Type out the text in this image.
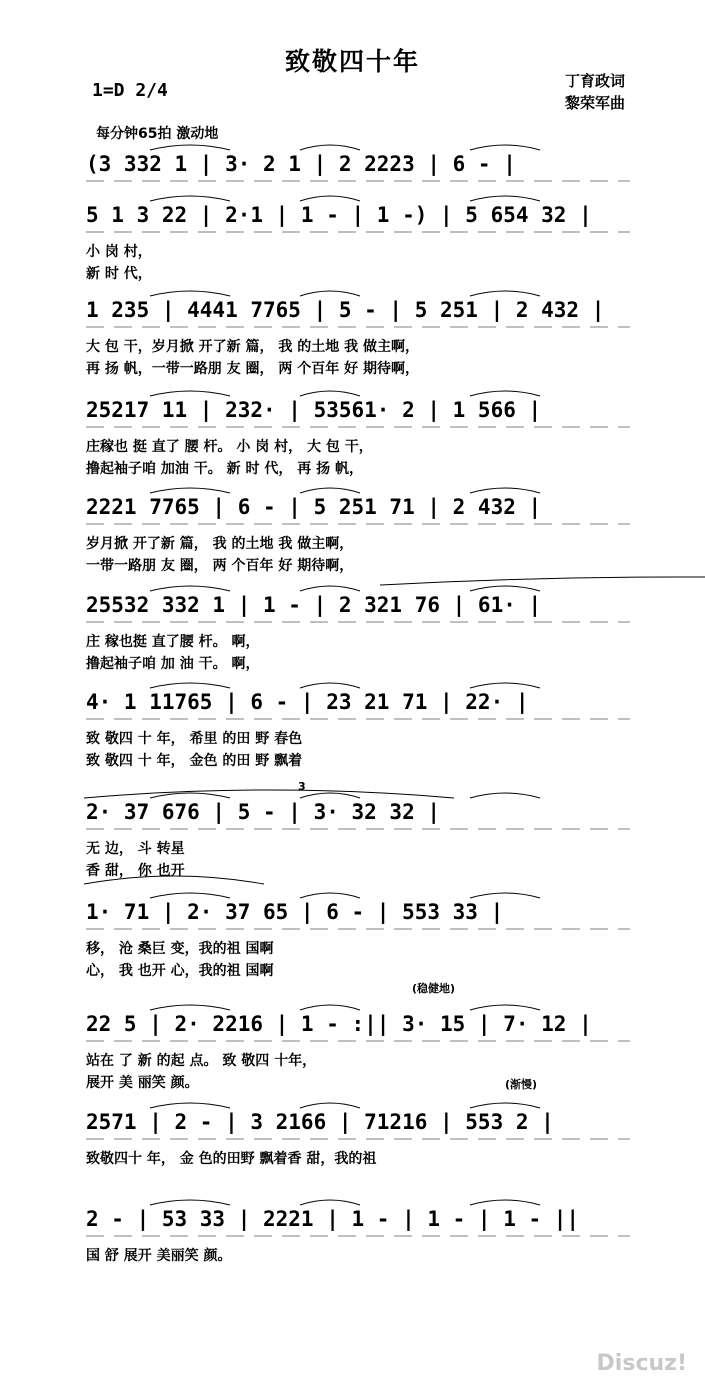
致敬四十年
1=D 2/4	丁育政词
黎荣军曲
每分钟65拍 激动地
(稳健地)
(渐慢)
3
Discuz!
(3 332 1 | 3· 2 1 | 2 2223 | 6 - |
5 1 3 22 | 2·1 | 1 - | 1 -) | 5 654 32 |
小 岗 村，
新 时 代，
1 235 | 4441 7765 | 5 - | 5 251 | 2 432 |
大 包 干，岁月掀 开了新 篇， 我 的土地 我 做主啊，
再 扬 帆，一带一路朋 友 圈， 两 个百年 好 期待啊，
25217 11 | 232· | 53561· 2 | 1 566 |
庄稼也 挺 直了 腰 杆。 小 岗 村， 大 包 干，
撸起袖子咱 加油 干。 新 时 代， 再 扬 帆，
2221 7765 | 6 - | 5 251 71 | 2 432 |
岁月掀 开了新 篇， 我 的土地 我 做主啊，
一带一路朋 友 圈， 两 个百年 好 期待啊，
25532 332 1 | 1 - | 2 321 76 | 61· |
庄 稼也挺 直了腰 杆。 啊，
撸起袖子咱 加 油 干。 啊，
4· 1 11765 | 6 - | 23 21 71 | 22· |
致 敬四 十 年， 希里 的田 野 春色
致 敬四 十 年， 金色 的田 野 飘着
2· 37 676 | 5 - | 3· 32 32 |
无 边， 斗 转星
香 甜， 你 也开
1· 71 | 2· 37 65 | 6 - | 553 33 |
移， 沧 桑巨 变，我的祖 国啊
心， 我 也开 心，我的祖 国啊
22 5 | 2· 2216 | 1 - :|| 3· 15 | 7· 12 |
站在 了 新 的起 点。 致 敬四 十年，
展开 美 丽笑 颜。
2571 | 2 - | 3 2166 | 71216 | 553 2 |
致敬四十 年， 金 色的田野 飘着香 甜，我的祖
2 - | 53 33 | 2221 | 1 - | 1 - | 1 - ||
国 舒 展开 美丽笑 颜。
